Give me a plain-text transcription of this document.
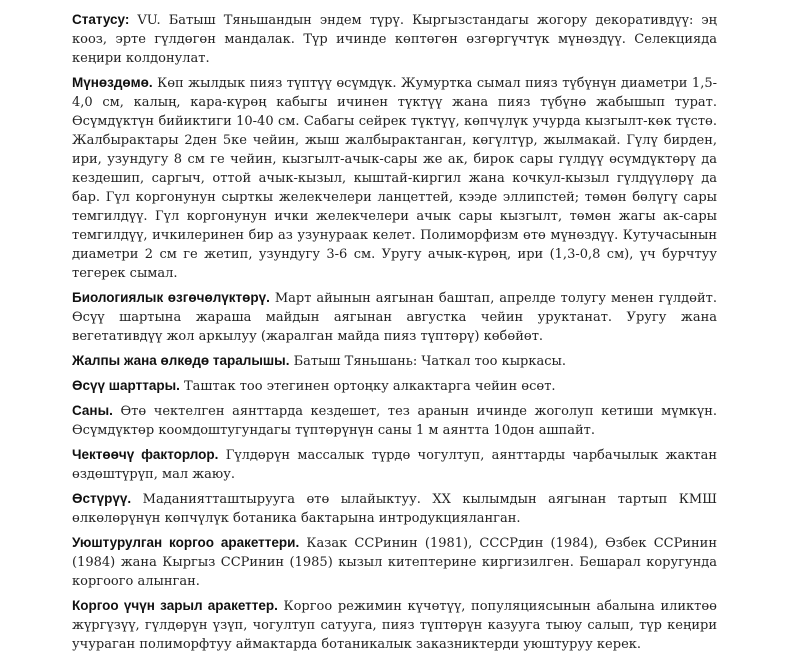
Статусу: VU. Батыш Тяньшандын эндем түрү. Кыргызстандагы жогору декоративдүү: эң кооз, эрте гүлдөгөн мандалак. Түр ичинде көптөгөн өзгөргүчтүк мүнөздүү. Селекцияда кеңири колдонулат.

Мүнөздөмө. Көп жылдык пияз түптүү өсүмдүк. Жумуртка сымал пияз түбүнүн диаметри 1,5-4,0 см, калың, кара-күрөң кабыгы ичинен түктүү жана пияз түбүнө жабышып турат. Өсүмдүктүн бийиктиги 10-40 см. Сабагы сейрек түктүү, көпчүлүк учурда кызгылт-көк түстө. Жалбырактары 2ден 5ке чейин, жыш жалбырактанган, көгүлтүр, жылмакай. Гүлү бирден, ири, узундугу 8 см ге чейин, кызгылт-ачык-сары же ак, бирок сары гүлдүү өсүмдүктөрү да кездешип, саргыч, оттой ачык-кызыл, кыштай-киргил жана кочкул-кызыл гүлдүүлөрү да бар. Гүл коргонунун сырткы желекчелери ланцеттей, кээде эллипстей; төмөн бөлүгү сары темгилдүү. Гүл коргонунун ички желекчелери ачык сары кызгылт, төмөн жагы ак-сары темгилдүү, ичкилеринен бир аз узунураак келет. Полиморфизм өтө мүнөздүү. Кутучасынын диаметри 2 см ге жетип, узундугу 3-6 см. Уругу ачык-күрөң, ири (1,3-0,8 см), үч бурчтуу тегерек сымал.

Биологиялык өзгөчөлүктөрү. Март айынын аягынан баштап, апрелде толугу менен гүлдөйт. Өсүү шартына жараша майдын аягынан августка чейин уруктанат. Уругу жана вегетативдүү жол аркылуу (жаралган майда пияз түптөрү) көбөйөт.

Жалпы жана өлкөдө таралышы. Батыш Тяньшань: Чаткал тоо кыркасы.

Өсүү шарттары. Таштак тоо этегинен ортоңку алкактарга чейин өсөт.

Саны. Өтө чектелген аянттарда кездешет, тез аранын ичинде жоголуп кетиши мүмкүн. Өсүмдүктөр коомдоштугундагы түптөрүнүн саны 1 м аянтта 10дон ашпайт.

Чектөөчү факторлор. Гүлдөрүн массалык түрдө чогултуп, аянттарды чарбачылык жактан өздөштүрүп, мал жаюу.

Өстүрүү. Маданиятташтырууга өтө ылайыктуу. XX кылымдын аягынан тартып КМШ өлкөлөрүнүн көпчүлүк ботаника бактарына интродукцияланган.

Уюштурулган коргоо аракеттери. Казак ССРинин (1981), СССРдин (1984), Өзбек ССРинин (1984) жана Кыргыз ССРинин (1985) кызыл китептерине киргизилген. Бешарал коругунда коргоого алынган.

Коргоо үчүн зарыл аракеттер. Коргоо режимин күчөтүү, популяциясынын абалына иликтөө жүргүзүү, гүлдөрүн үзүп, чогултуп сатууга, пияз түптөрүн казууга тыюу салып, түр кеңири учураган полиморфтуу аймактарда ботаникалык заказниктерди уюштуруу керек.
